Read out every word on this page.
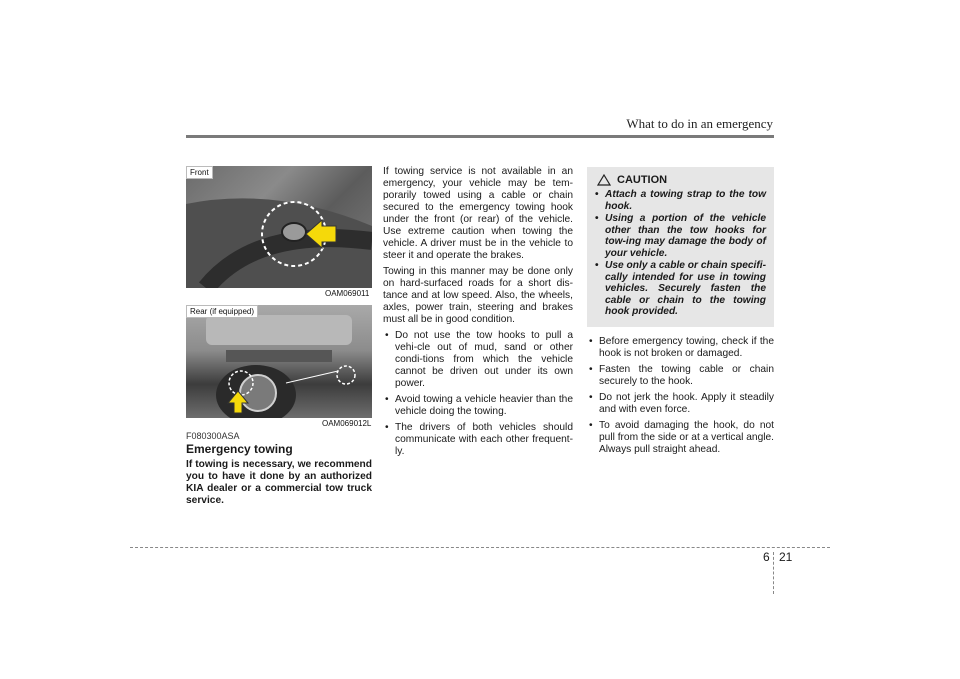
What to do in an emergency
Front
OAM069011
Rear (if equipped)
OAM069012L
F080300ASA
Emergency towing

If towing is necessary, we recommend you to have it done by an authorized KIA dealer or a commercial tow truck service.

If towing service is not available in an emergency, your vehicle may be tem-porarily towed using a cable or chain secured to the emergency towing hook under the front (or rear) of the vehicle. Use extreme caution when towing the vehicle. A driver must be in the vehicle to steer it and operate the brakes.

Towing in this manner may be done only on hard-surfaced roads for a short dis-tance and at low speed. Also, the wheels, axles, power train, steering and brakes must all be in good condition.

• Do not use the tow hooks to pull a vehi-cle out of mud, sand or other condi-tions from which the vehicle cannot be driven out under its own power.
• Avoid towing a vehicle heavier than the vehicle doing the towing.
• The drivers of both vehicles should communicate with each other frequent-ly.
CAUTION
• Attach a towing strap to the tow hook.
• Using a portion of the vehicle other than the tow hooks for tow-ing may damage the body of your vehicle.
• Use only a cable or chain specifi-cally intended for use in towing vehicles. Securely fasten the cable or chain to the towing hook provided.
• Before emergency towing, check if the hook is not broken or damaged.
• Fasten the towing cable or chain securely to the hook.
• Do not jerk the hook. Apply it steadily and with even force.
• To avoid damaging the hook, do not pull from the side or at a vertical angle. Always pull straight ahead.
6 21
